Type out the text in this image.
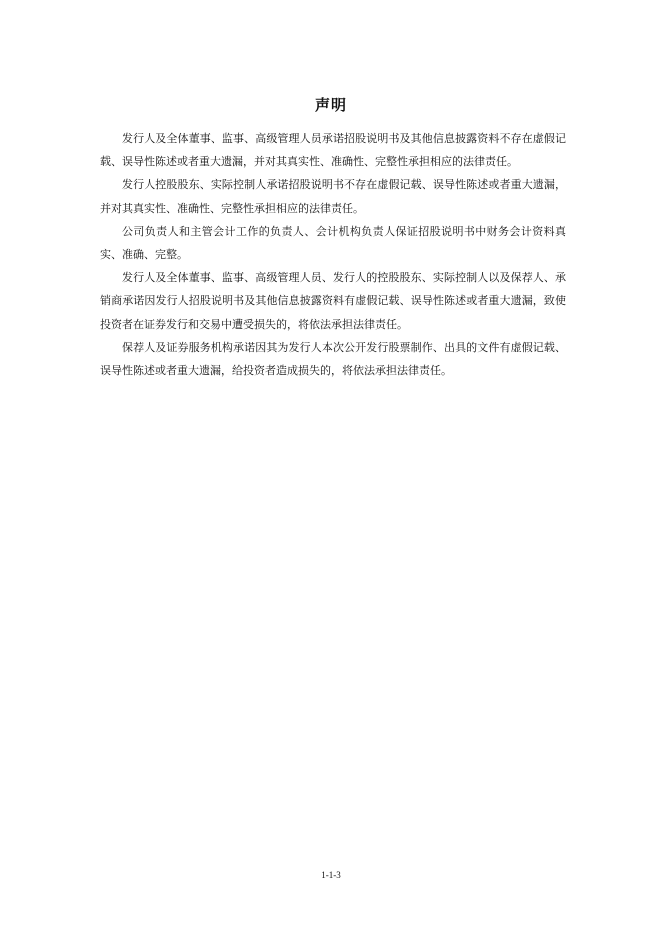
声明

发行人及全体董事、监事、高级管理人员承诺招股说明书及其他信息披露资料不存在虚假记载、误导性陈述或者重大遗漏，并对其真实性、准确性、完整性承担相应的法律责任。

发行人控股股东、实际控制人承诺招股说明书不存在虚假记载、误导性陈述或者重大遗漏，并对其真实性、准确性、完整性承担相应的法律责任。

公司负责人和主管会计工作的负责人、会计机构负责人保证招股说明书中财务会计资料真实、准确、完整。

发行人及全体董事、监事、高级管理人员、发行人的控股股东、实际控制人以及保荐人、承销商承诺因发行人招股说明书及其他信息披露资料有虚假记载、误导性陈述或者重大遗漏，致使投资者在证券发行和交易中遭受损失的，将依法承担法律责任。

保荐人及证券服务机构承诺因其为发行人本次公开发行股票制作、出具的文件有虚假记载、误导性陈述或者重大遗漏，给投资者造成损失的，将依法承担法律责任。

1-1-3
